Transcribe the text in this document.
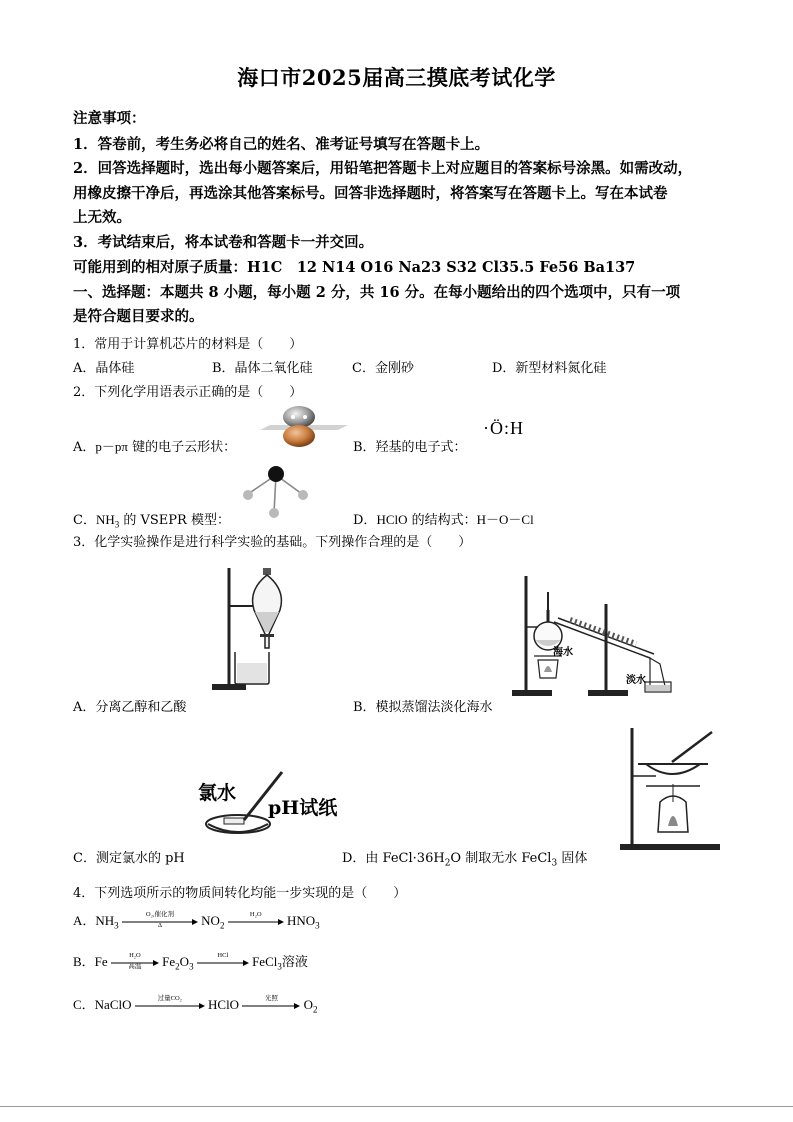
海口市2025届高三摸底考试化学
注意事项：
1．答卷前，考生务必将自己的姓名、准考证号填写在答题卡上。
2．回答选择题时，选出每小题答案后，用铅笔把答题卡上对应题目的答案标号涂黑。如需改动，
用橡皮擦干净后，再选涂其他答案标号。回答非选择题时，将答案写在答题卡上。写在本试卷
上无效。
3．考试结束后，将本试卷和答题卡一并交回。
可能用到的相对原子质量：H1C　12 N14 O16 Na23 S32 Cl35.5 Fe56 Ba137
一、选择题：本题共 8 小题，每小题 2 分，共 16 分。在每小题给出的四个选项中，只有一项
是符合题目要求的。
1．常用于计算机芯片的材料是（　　）
A．晶体硅	B．晶体二氧化硅	C．金刚砂	D．新型材料氮化硅
2．下列化学用语表示正确的是（　　）
A．p－pπ 键的电子云形状：	B．羟基的电子式：
·Ö:H
C．$NH_3$ 的 VSEPR 模型：	D．HClO 的结构式：H－O－Cl
3．化学实验操作是进行科学实验的基础。下列操作合理的是（　　）
海水
淡水
A．分离乙醇和乙酸	B．模拟蒸馏法淡化海水
氯水
pH试纸
C．测定氯水的 pH	D．由 $FeCl\cdot 36H_2O$ 制取无水 FeCl$_3$ 固体
4．下列选项所示的物质间转化均能一步实现的是（　　）
A．$NH_3$
O₂,催化剂
Δ	$NO_2$
H₂O	$HNO_3$
B．Fe	H₂O
高温	$Fe_2O_3$
HCl	FeCl$_3$溶液
C．NaClO	过量CO₂	HClO	光照	$O_2$
